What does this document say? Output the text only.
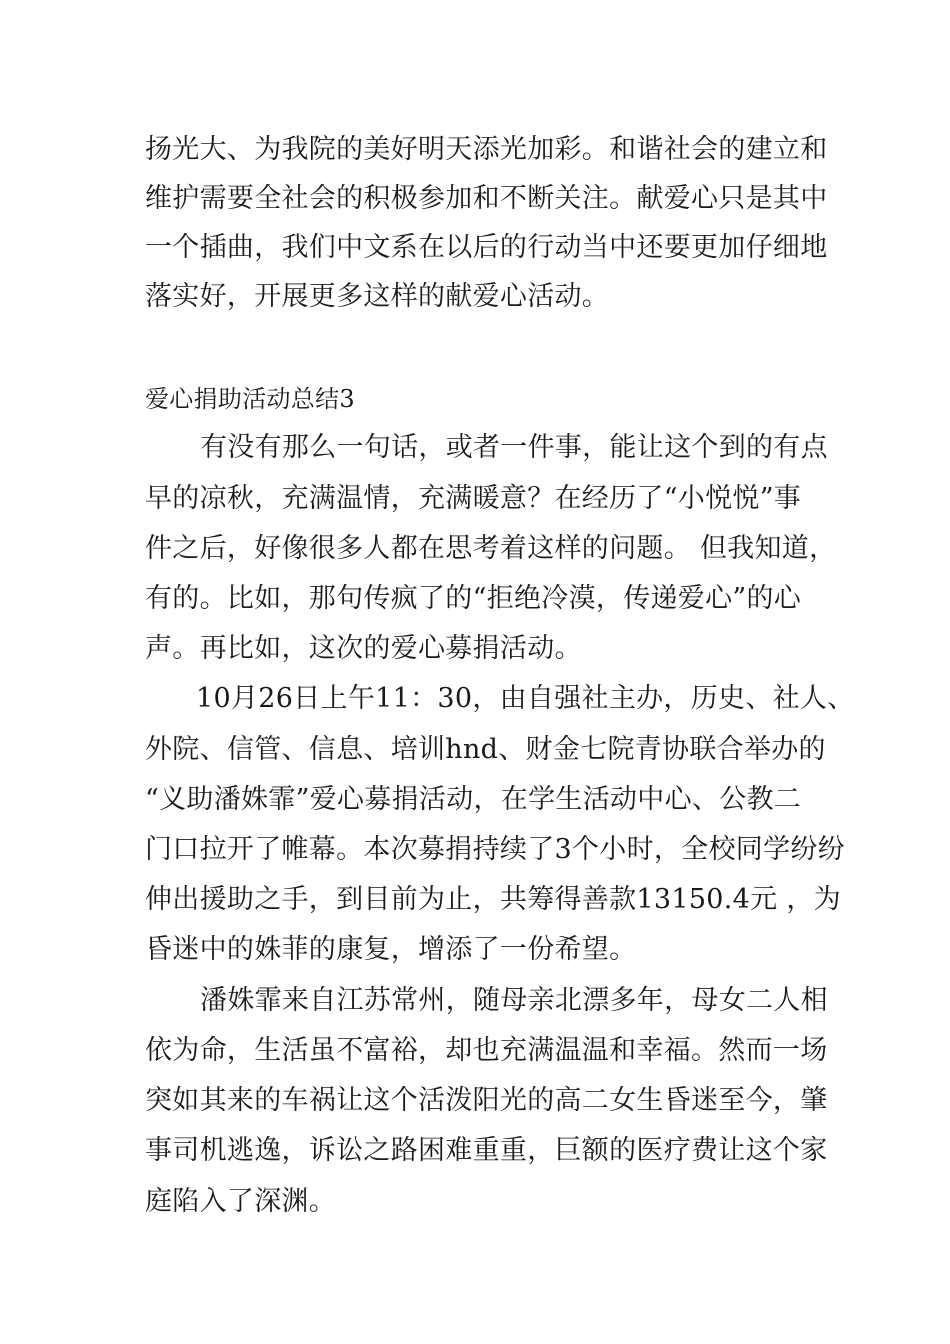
扬光大、为我院的美好明天添光加彩。和谐社会的建立和
维护需要全社会的积极参加和不断关注。献爱心只是其中
一个插曲，我们中文系在以后的行动当中还要更加仔细地
落实好，开展更多这样的献爱心活动。
爱心捐助活动总结3
有没有那么一句话，或者一件事，能让这个到的有点
早的凉秋，充满温情，充满暖意？在经历了“小悦悦”事
件之后，好像很多人都在思考着这样的问题。 但我知道，
有的。比如，那句传疯了的“拒绝冷漠，传递爱心”的心
声。再比如，这次的爱心募捐活动。
10月26日上午11：30，由自强社主办，历史、社人、
外院、信管、信息、培训hnd、财金七院青协联合举办的
“义助潘姝霏”爱心募捐活动，在学生活动中心、公教二
门口拉开了帷幕。本次募捐持续了3个小时，全校同学纷纷
伸出援助之手，到目前为止，共筹得善款13150.4元 ，为
昏迷中的姝菲的康复，增添了一份希望。
潘姝霏来自江苏常州，随母亲北漂多年，母女二人相
依为命，生活虽不富裕，却也充满温温和幸福。然而一场
突如其来的车祸让这个活泼阳光的高二女生昏迷至今，肇
事司机逃逸，诉讼之路困难重重，巨额的医疗费让这个家
庭陷入了深渊。
